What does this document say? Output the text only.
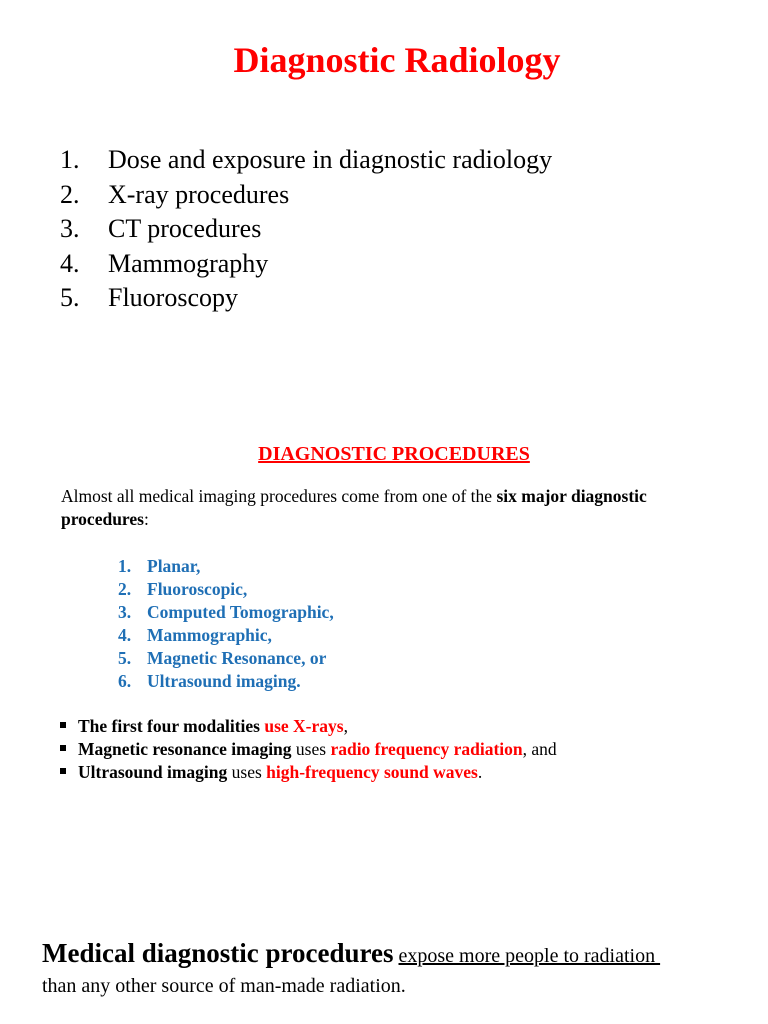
Diagnostic Radiology
1. Dose and exposure in diagnostic radiology
2. X-ray procedures
3. CT procedures
4. Mammography
5. Fluoroscopy
DIAGNOSTIC PROCEDURES
Almost all medical imaging procedures come from one of the six major diagnostic procedures:
1. Planar,
2. Fluoroscopic,
3. Computed Tomographic,
4. Mammographic,
5. Magnetic Resonance, or
6. Ultrasound imaging.
The first four modalities use X-rays,
Magnetic resonance imaging uses radio frequency radiation, and
Ultrasound imaging uses high-frequency sound waves.
Medical diagnostic procedures expose more people to radiation
than any other source of man-made radiation.
